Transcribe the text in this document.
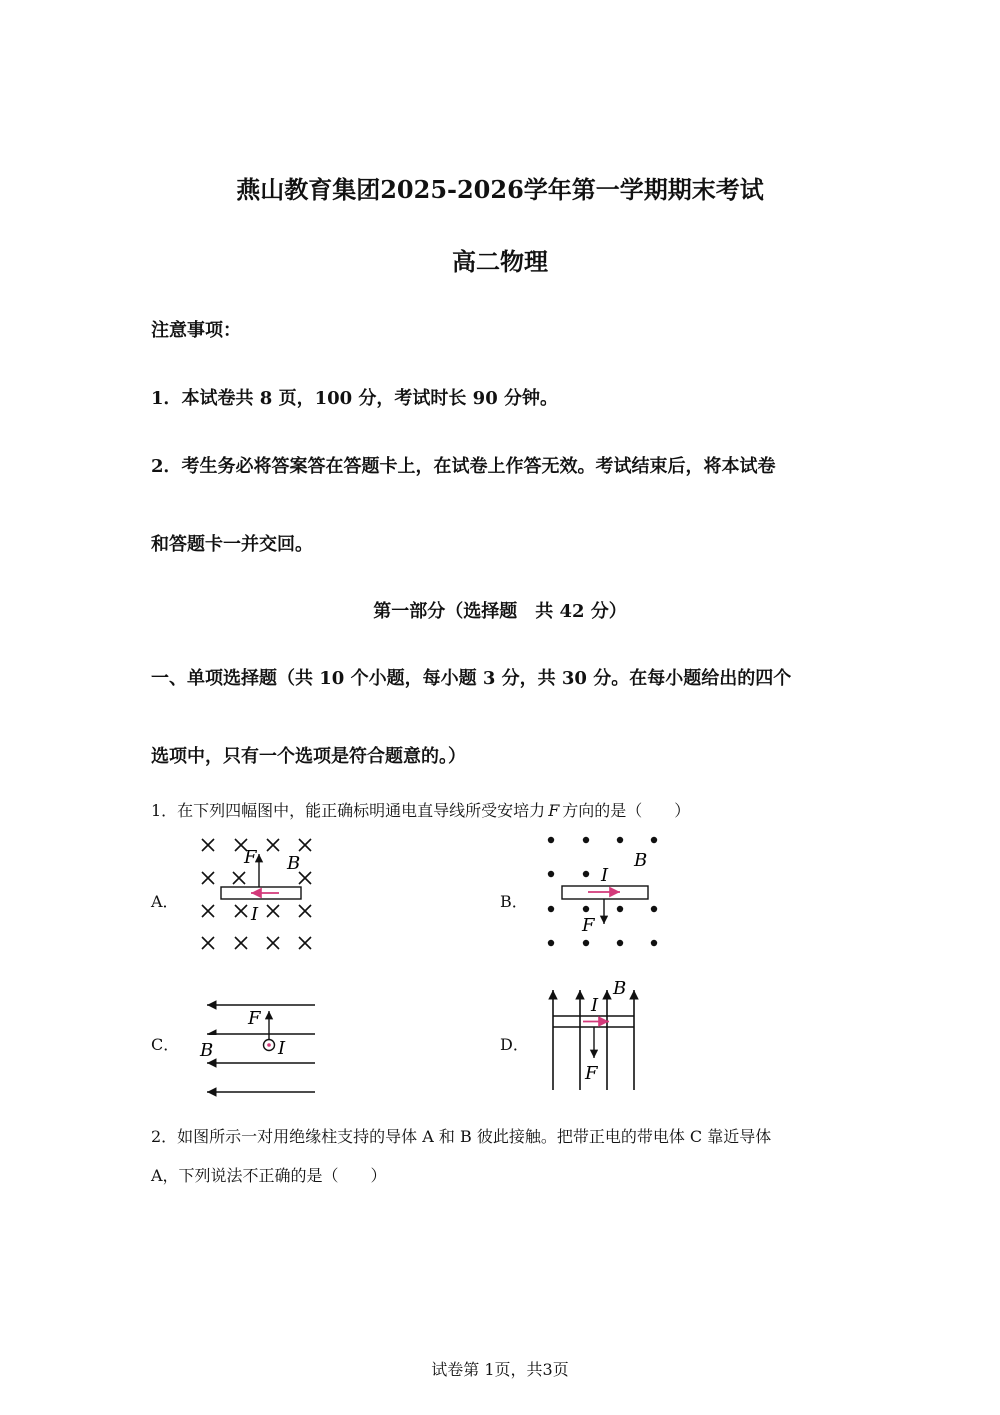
燕山教育集团2025-2026学年第一学期期末考试
高二物理
注意事项：
1．本试卷共 8 页，100 分，考试时长 90 分钟。
2．考生务必将答案答在答题卡上，在试卷上作答无效。考试结束后，将本试卷
和答题卡一并交回。
第一部分（选择题　共 42 分）
一、单项选择题（共 10 个小题，每小题 3 分，共 30 分。在每小题给出的四个
选项中，只有一个选项是符合题意的。）
1．在下列四幅图中，能正确标明通电直导线所受安培力 F 方向的是（　　）
A．
F B
I
B．
I
B
F
C．
F
B	I	D．
I
B
F
2．如图所示一对用绝缘柱支持的导体 A 和 B 彼此接触。把带正电的带电体 C 靠近导体
A，下列说法不正确的是（　　）
试卷第 1页，共3页
